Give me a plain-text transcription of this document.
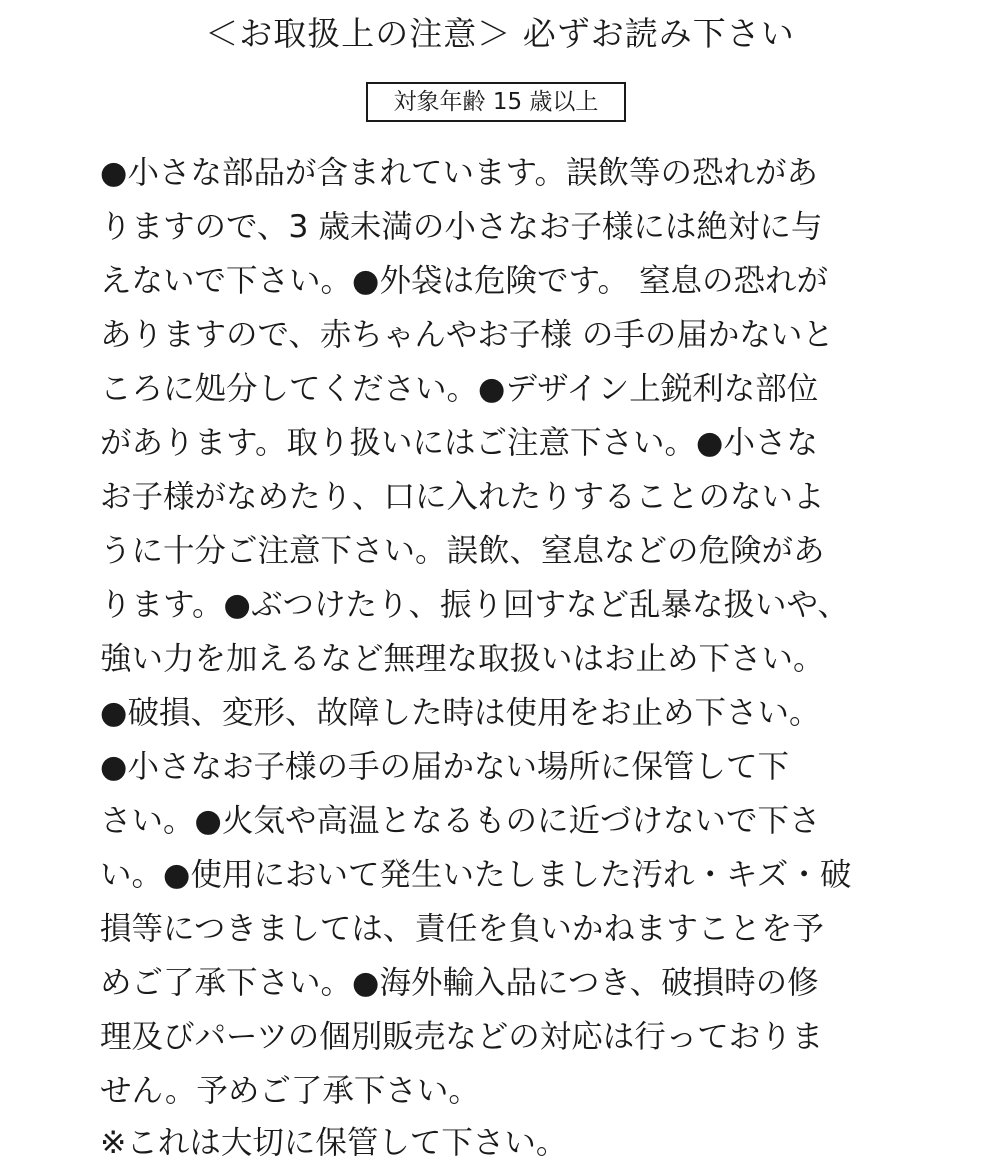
＜お取扱上の注意＞ 必ずお読み下さい
対象年齢 15 歳以上
●小さな部品が含まれています。誤飲等の恐れがあ
りますので、3 歳未満の小さなお子様には絶対に与
えないで下さい。●外袋は危険です。 窒息の恐れが
ありますので、赤ちゃんやお子様 の手の届かないと
ころに処分してください。●デザイン上鋭利な部位
があります。取り扱いにはご注意下さい。●小さな
お子様がなめたり、口に入れたりすることのないよ
うに十分ご注意下さい。誤飲、窒息などの危険があ
ります。●ぶつけたり、振り回すなど乱暴な扱いや、
強い力を加えるなど無理な取扱いはお止め下さい。
●破損、変形、故障した時は使用をお止め下さい。
●小さなお子様の手の届かない場所に保管して下
さい。●火気や高温となるものに近づけないで下さ
い。●使用において発生いたしました汚れ・キズ・破
損等につきましては、責任を負いかねますことを予
めご了承下さい。●海外輸入品につき、破損時の修
理及びパーツの個別販売などの対応は行っておりま
せん。予めご了承下さい。
※これは大切に保管して下さい。
